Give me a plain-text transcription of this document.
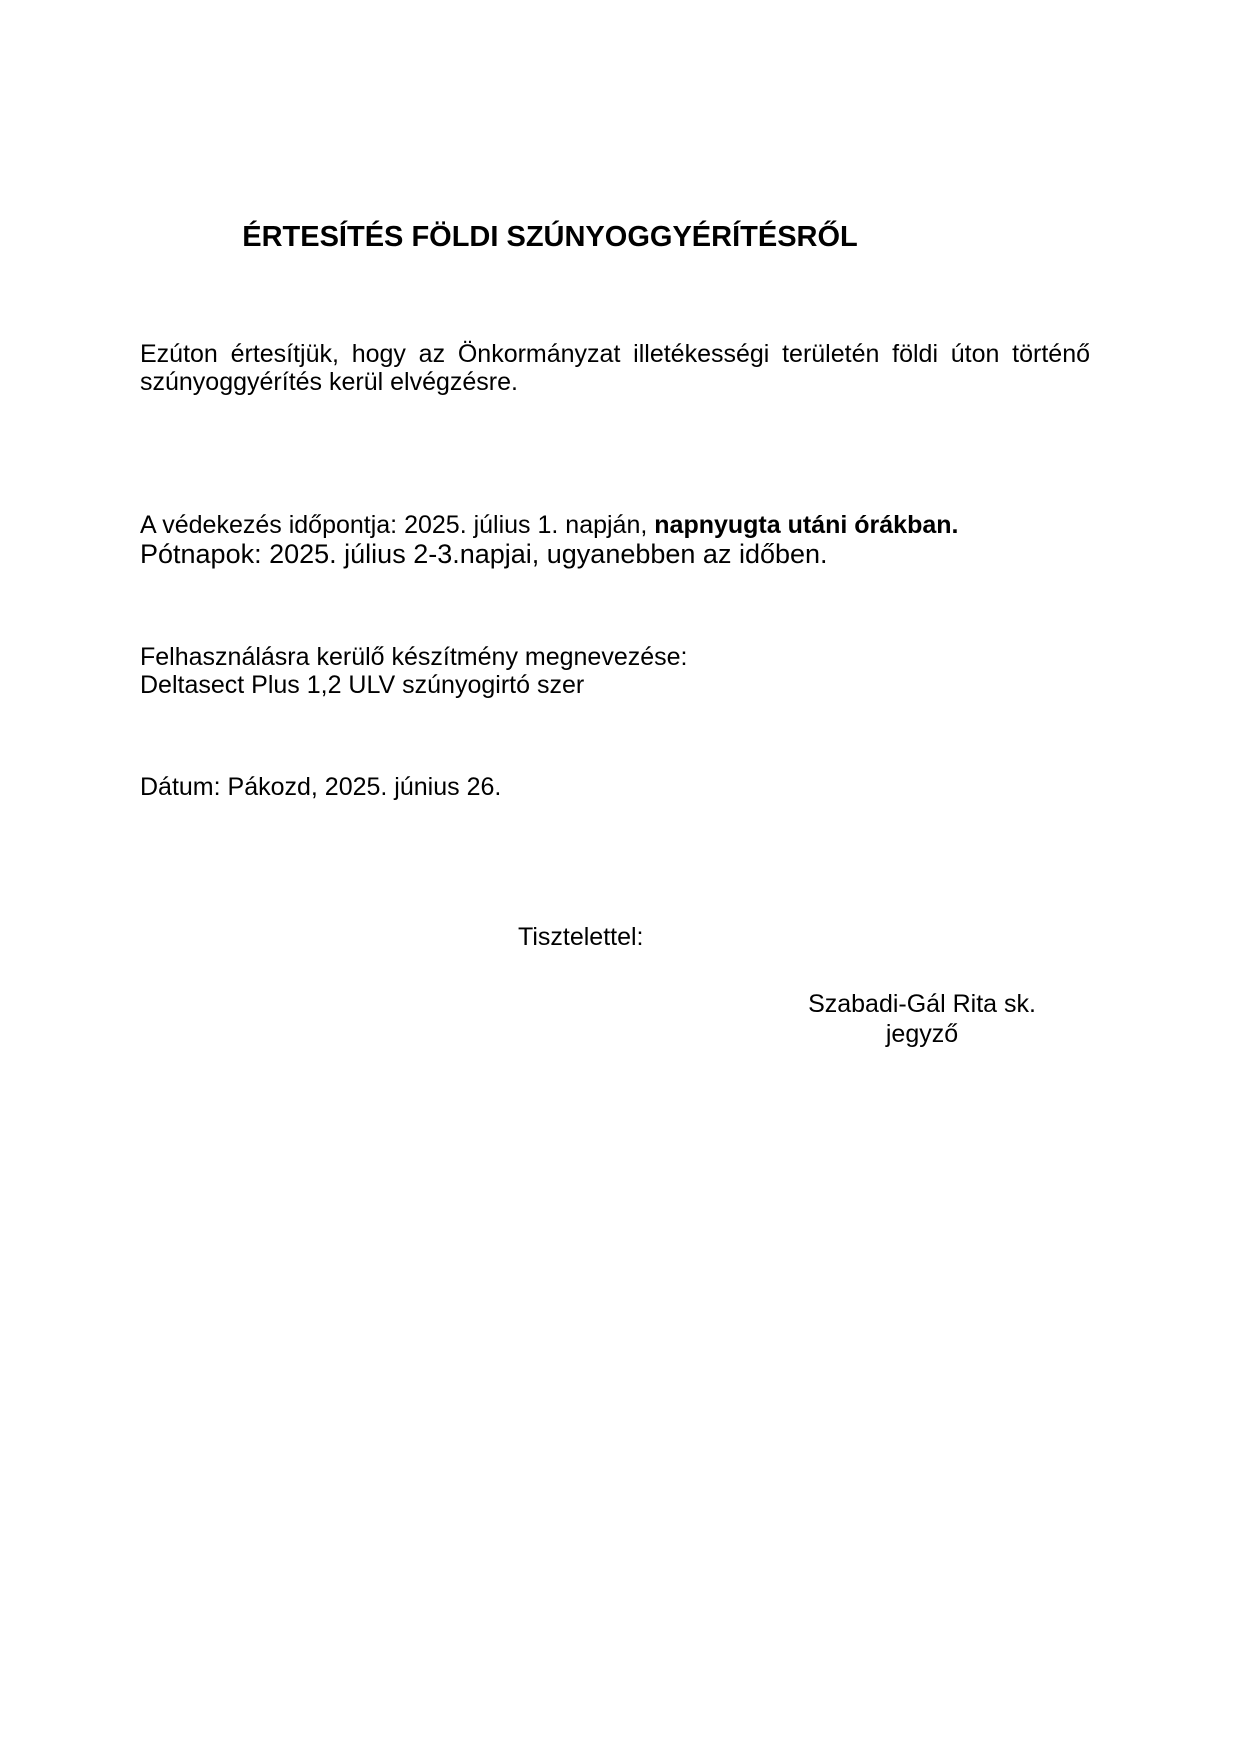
ÉRTESÍTÉS FÖLDI SZÚNYOGGYÉRÍTÉSRŐL

Ezúton értesítjük, hogy az Önkormányzat illetékességi területén földi úton történő szúnyoggyérítés kerül elvégzésre.

A védekezés időpontja: 2025. július 1. napján, napnyugta utáni órákban.
Pótnapok: 2025. július 2-3.napjai, ugyanebben az időben.
Felhasználásra kerülő készítmény megnevezése:
Deltasect Plus 1,2 ULV szúnyogirtó szer
Dátum: Pákozd, 2025. június 26.
Tisztelettel:
Szabadi-Gál Rita sk.
jegyző
